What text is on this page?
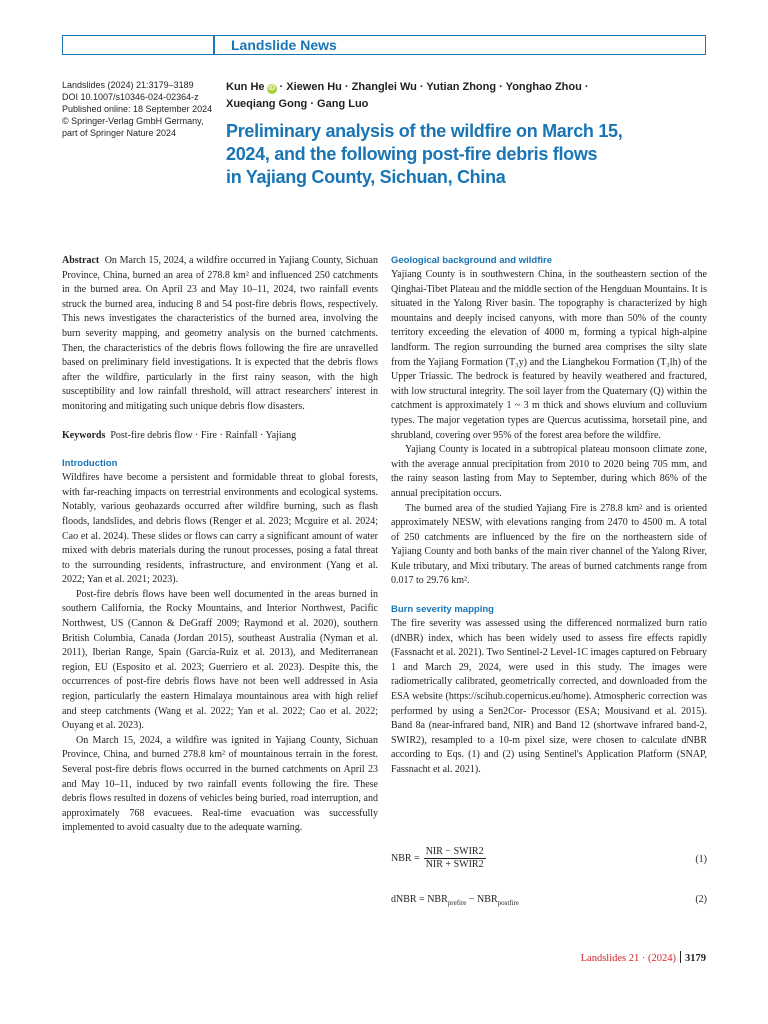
Landslide News
Landslides (2024) 21:3179–3189
DOI 10.1007/s10346-024-02364-z
Published online: 18 September 2024
© Springer-Verlag GmbH Germany,
part of Springer Nature 2024
Kun He iD · Xiewen Hu · Zhanglei Wu · Yutian Zhong · Yonghao Zhou ·
Xueqiang Gong · Gang Luo
Preliminary analysis of the wildfire on March 15,
2024, and the following post-fire debris flows
in Yajiang County, Sichuan, China

Abstract On March 15, 2024, a wildfire occurred in Yajiang County, Sichuan Province, China, burned an area of 278.8 km² and influenced 250 catchments in the burned area. On April 23 and May 10–11, 2024, two rainfall events struck the burned area, inducing 8 and 54 post-fire debris flows, respectively. This news investigates the characteristics of the burned area, involving the burn severity mapping, and geometry analysis on the burned catchments. Then, the characteristics of the debris flows following the fire are unravelled based on preliminary field investigations. It is expected that the debris flows after the wildfire, particularly in the first rainy season, with the high susceptibility and low rainfall threshold, will attract researchers' interest in monitoring and mitigating such unique debris flow disasters.

Keywords Post-fire debris flow · Fire · Rainfall · Yajiang

Introduction

Wildfires have become a persistent and formidable threat to global forests, with far-reaching impacts on terrestrial environments and ecological systems. Notably, various geohazards occurred after wildfire burning, such as flash floods, landslides, and debris flows (Renger et al. 2023; Mcguire et al. 2024; Cao et al. 2024). These slides or flows can carry a significant amount of water mixed with debris materials during the runout processes, posing a fatal threat to the surrounding residents, infrastructure, and environment (Yang et al. 2022; Yan et al. 2021; 2023).

Post-fire debris flows have been well documented in the areas burned in southern California, the Rocky Mountains, and Interior Northwest, Pacific Northwest, US (Cannon & DeGraff 2009; Raymond et al. 2020), southern British Columbia, Canada (Jordan 2015), southeast Australia (Nyman et al. 2011), Iberian Range, Spain (García-Ruiz et al. 2013), and Mediterranean region, EU (Esposito et al. 2023; Guerriero et al. 2023). Despite this, the occurrences of post-fire debris flows have not been well addressed in Asia region, particularly the eastern Himalaya mountainous area with high relief and steep catchments (Wang et al. 2022; Yan et al. 2022; Cao et al. 2022; Ouyang et al. 2023).

On March 15, 2024, a wildfire was ignited in Yajiang County, Sichuan Province, China, and burned 278.8 km² of mountainous terrain in the forest. Several post-fire debris flows occurred in the burned catchments on April 23 and May 10–11, induced by two rainfall events following the fire. These debris flows resulted in dozens of vehicles being buried, road interruption, and approximately 768 evacuees. Real-time evacuation was successfully implemented to avoid casualty due to the adequate warning.

Geological background and wildfire

Yajiang County is in southwestern China, in the southeastern section of the Qinghai-Tibet Plateau and the middle section of the Hengduan Mountains. It is situated in the Yalong River basin. The topography is characterized by high mountains and deeply incised canyons, with more than 50% of the county territory exceeding the elevation of 4000 m, forming a typical high-alpine landform. The region surrounding the burned area comprises the silty slate from the Yajiang Formation (T₃y) and the Lianghekou Formation (T₃lh) of the Upper Triassic. The bedrock is featured by heavily weathered and fractured, with low structural integrity. The soil layer from the Quaternary (Q) within the catchment is approximately 1 ~ 3 m thick and shows eluvium and colluvium types. The major vegetation types are Quercus acutissima, horsetail pine, and shrubland, covering over 95% of the forest area before the wildfire.

Yajiang County is located in a subtropical plateau monsoon climate zone, with the average annual precipitation from 2010 to 2020 being 705 mm, and the rainy season lasting from May to September, during which 86% of the annual precipitation occurs.

The burned area of the studied Yajiang Fire is 278.8 km² and is oriented approximately NESW, with elevations ranging from 2470 to 4500 m. A total of 250 catchments are influenced by the fire on the northeastern side of Yajiang County and both banks of the main river channel of the Yalong River, Kule tributary, and Mixi tributary. The areas of burned catchments range from 0.017 to 29.76 km².

Burn severity mapping

The fire severity was assessed using the differenced normalized burn ratio (dNBR) index, which has been widely used to assess fire effects rapidly (Fassnacht et al. 2021). Two Sentinel-2 Level-1C images captured on February 1 and March 29, 2024, were used in this study. The images were radiometrically calibrated, geometrically corrected, and downloaded from the ESA website (https://scihub.copernicus.eu/home). Atmospheric correction was performed by using a Sen2Cor- Processor (ESA; Mousivand et al. 2015). Band 8a (near-infrared band, NIR) and Band 12 (shortwave infrared band-2, SWIR2), resampled to a 10-m pixel size, were chosen to calculate dNBR according to Eqs. (1) and (2) using Sentinel's Application Platform (SNAP, Fassnacht et al. 2021).

NBR = $\frac{\text{NIR − SWIR2}}{\text{NIR + SWIR2}}$	(1)
dNBR = $NBR_{prefire} - NBR_{postfire}$	(2)
Landslides 21 · (2024) 3179
